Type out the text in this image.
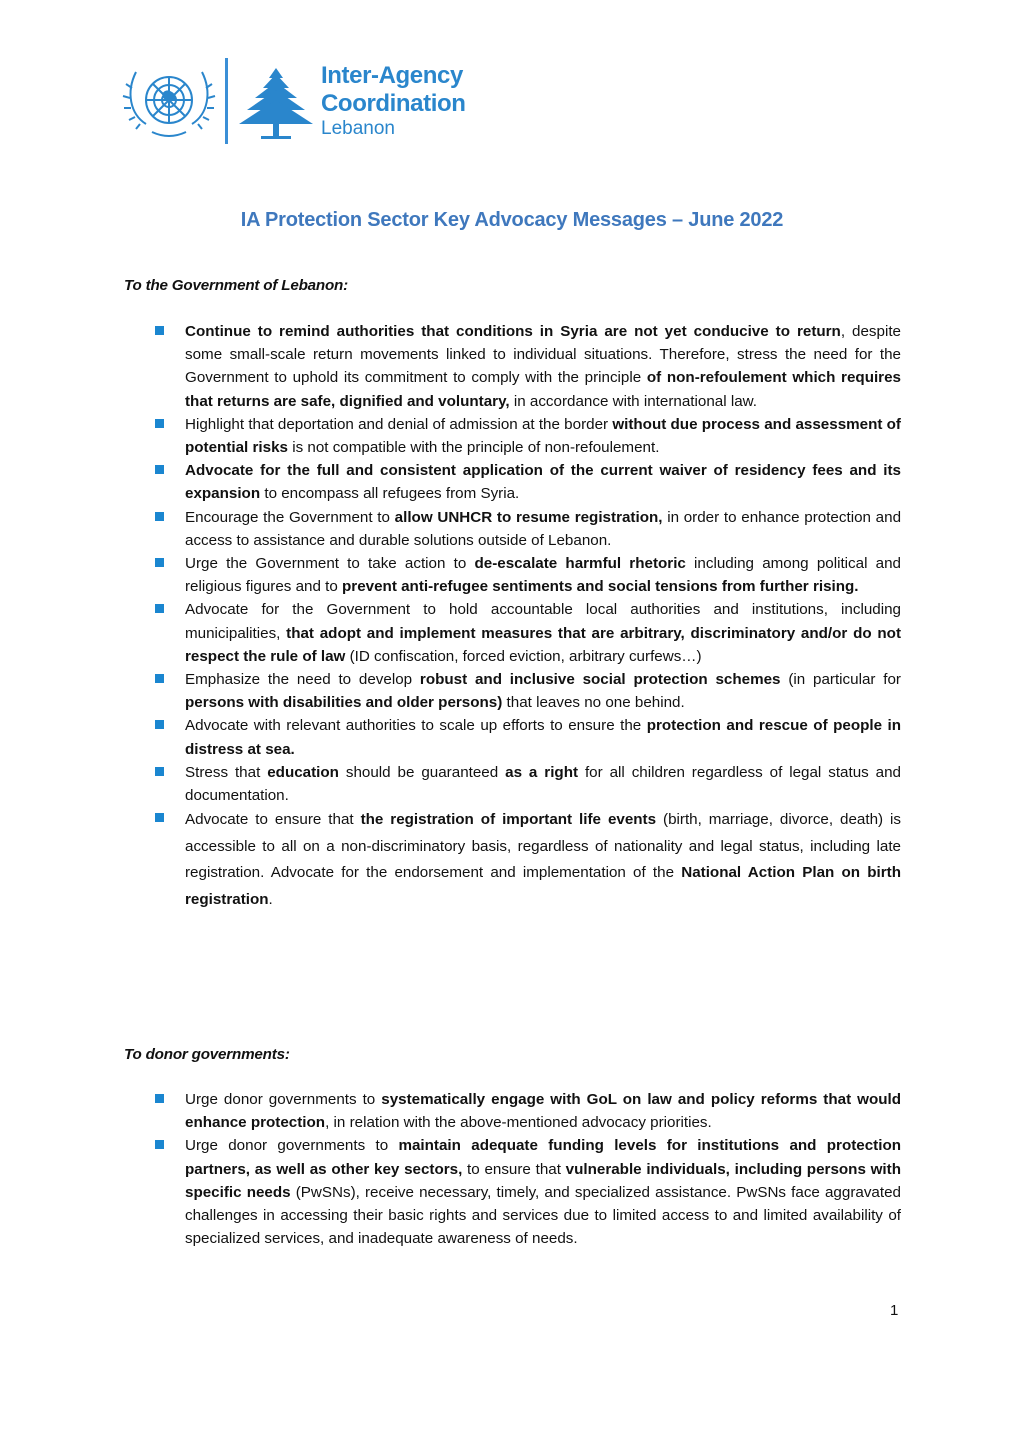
Inter-Agency
Coordination
Lebanon
IA Protection Sector Key Advocacy Messages – June 2022
To the Government of Lebanon:
Continue to remind authorities that conditions in Syria are not yet conducive to return, despite some small-scale return movements linked to individual situations. Therefore, stress the need for the Government to uphold its commitment to comply with the principle of non-refoulement which requires that returns are safe, dignified and voluntary, in accordance with international law.
Highlight that deportation and denial of admission at the border without due process and assessment of potential risks is not compatible with the principle of non-refoulement.
Advocate for the full and consistent application of the current waiver of residency fees and its expansion to encompass all refugees from Syria.
Encourage the Government to allow UNHCR to resume registration, in order to enhance protection and access to assistance and durable solutions outside of Lebanon.
Urge the Government to take action to de-escalate harmful rhetoric including among political and religious figures and to prevent anti-refugee sentiments and social tensions from further rising.
Advocate for the Government to hold accountable local authorities and institutions, including municipalities, that adopt and implement measures that are arbitrary, discriminatory and/or do not respect the rule of law (ID confiscation, forced eviction, arbitrary curfews…)
Emphasize the need to develop robust and inclusive social protection schemes (in particular for persons with disabilities and older persons) that leaves no one behind.
Advocate with relevant authorities to scale up efforts to ensure the protection and rescue of people in distress at sea.
Stress that education should be guaranteed as a right for all children regardless of legal status and documentation.
Advocate to ensure that the registration of important life events (birth, marriage, divorce, death) is accessible to all on a non-discriminatory basis, regardless of nationality and legal status, including late registration. Advocate for the endorsement and implementation of the National Action Plan on birth registration.
To donor governments:
Urge donor governments to systematically engage with GoL on law and policy reforms that would enhance protection, in relation with the above-mentioned advocacy priorities.
Urge donor governments to maintain adequate funding levels for institutions and protection partners, as well as other key sectors, to ensure that vulnerable individuals, including persons with specific needs (PwSNs), receive necessary, timely, and specialized assistance. PwSNs face aggravated challenges in accessing their basic rights and services due to limited access to and limited availability of specialized services, and inadequate awareness of needs.
1
